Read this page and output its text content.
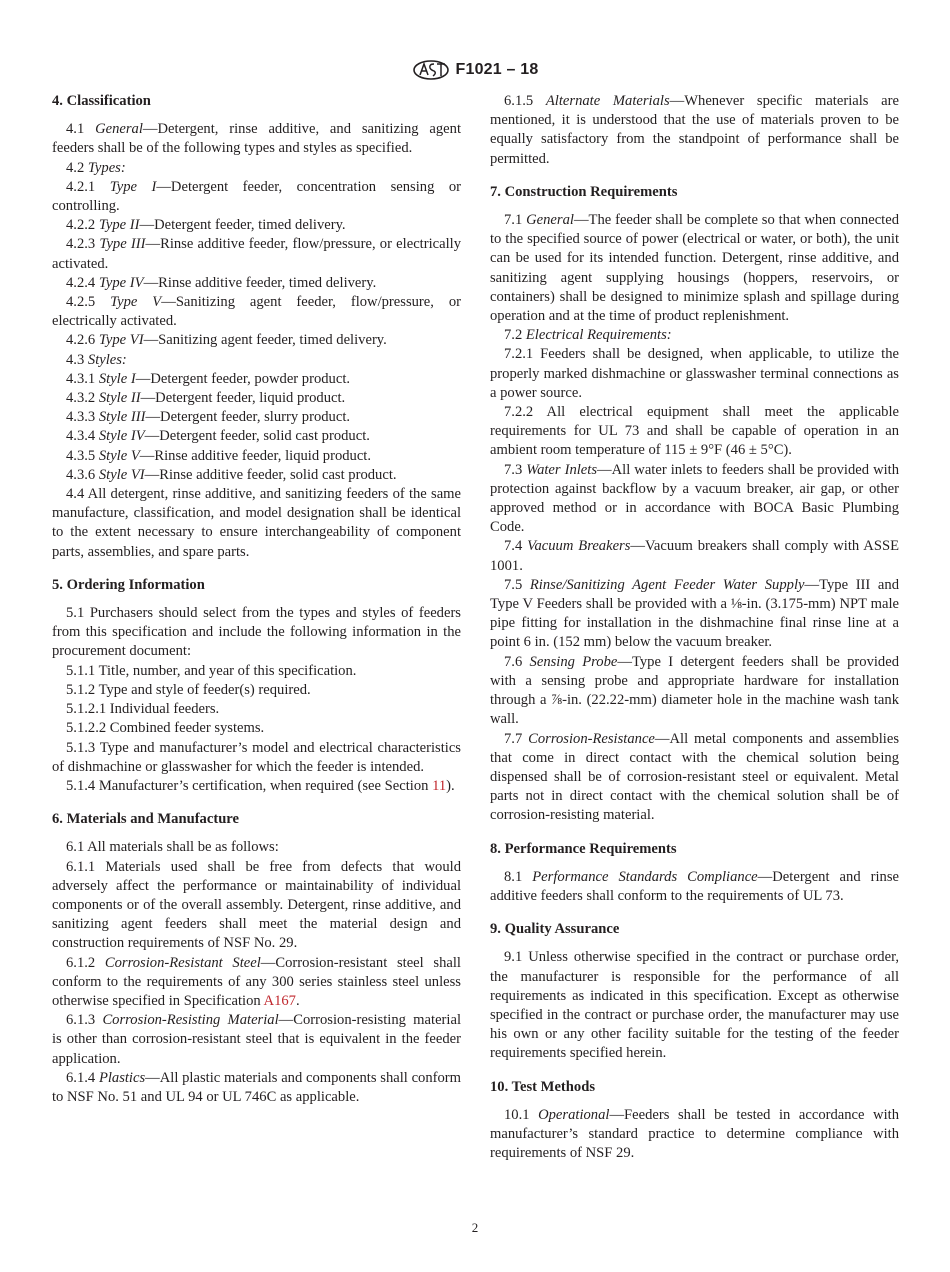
F1021 – 18
4. Classification

4.1 General—Detergent, rinse additive, and sanitizing agent feeders shall be of the following types and styles as specified.

4.2 Types:

4.2.1 Type I—Detergent feeder, concentration sensing or controlling.

4.2.2 Type II—Detergent feeder, timed delivery.

4.2.3 Type III—Rinse additive feeder, flow/pressure, or electrically activated.

4.2.4 Type IV—Rinse additive feeder, timed delivery.

4.2.5 Type V—Sanitizing agent feeder, flow/pressure, or electrically activated.

4.2.6 Type VI—Sanitizing agent feeder, timed delivery.

4.3 Styles:

4.3.1 Style I—Detergent feeder, powder product.

4.3.2 Style II—Detergent feeder, liquid product.

4.3.3 Style III—Detergent feeder, slurry product.

4.3.4 Style IV—Detergent feeder, solid cast product.

4.3.5 Style V—Rinse additive feeder, liquid product.

4.3.6 Style VI—Rinse additive feeder, solid cast product.

4.4 All detergent, rinse additive, and sanitizing feeders of the same manufacture, classification, and model designation shall be identical to the extent necessary to ensure interchangeability of component parts, assemblies, and spare parts.

5. Ordering Information

5.1 Purchasers should select from the types and styles of feeders from this specification and include the following information in the procurement document:

5.1.1 Title, number, and year of this specification.

5.1.2 Type and style of feeder(s) required.

5.1.2.1 Individual feeders.

5.1.2.2 Combined feeder systems.

5.1.3 Type and manufacturer’s model and electrical characteristics of dishmachine or glasswasher for which the feeder is intended.

5.1.4 Manufacturer’s certification, when required (see Section 11).

6. Materials and Manufacture

6.1 All materials shall be as follows:

6.1.1 Materials used shall be free from defects that would adversely affect the performance or maintainability of individual components or of the overall assembly. Detergent, rinse additive, and sanitizing agent feeders shall meet the material design and construction requirements of NSF No. 29.

6.1.2 Corrosion-Resistant Steel—Corrosion-resistant steel shall conform to the requirements of any 300 series stainless steel unless otherwise specified in Specification A167.

6.1.3 Corrosion-Resisting Material—Corrosion-resisting material is other than corrosion-resistant steel that is equivalent in the feeder application.

6.1.4 Plastics—All plastic materials and components shall conform to NSF No. 51 and UL 94 or UL 746C as applicable.

6.1.5 Alternate Materials—Whenever specific materials are mentioned, it is understood that the use of materials proven to be equally satisfactory from the standpoint of performance shall be permitted.

7. Construction Requirements

7.1 General—The feeder shall be complete so that when connected to the specified source of power (electrical or water, or both), the unit can be used for its intended function. Detergent, rinse additive, and sanitizing agent supplying housings (hoppers, reservoirs, or containers) shall be designed to minimize splash and spillage during operation and at the time of product replenishment.

7.2 Electrical Requirements:

7.2.1 Feeders shall be designed, when applicable, to utilize the properly marked dishmachine or glasswasher terminal connections as a power source.

7.2.2 All electrical equipment shall meet the applicable requirements for UL 73 and shall be capable of operation in an ambient room temperature of 115 ± 9°F (46 ± 5°C).

7.3 Water Inlets—All water inlets to feeders shall be provided with protection against backflow by a vacuum breaker, air gap, or other approved method or in accordance with BOCA Basic Plumbing Code.

7.4 Vacuum Breakers—Vacuum breakers shall comply with ASSE 1001.

7.5 Rinse/Sanitizing Agent Feeder Water Supply—Type III and Type V Feeders shall be provided with a ⅛-in. (3.175-mm) NPT male pipe fitting for installation in the dishmachine final rinse line at a point 6 in. (152 mm) below the vacuum breaker.

7.6 Sensing Probe—Type I detergent feeders shall be provided with a sensing probe and appropriate hardware for installation through a ⅞-in. (22.22-mm) diameter hole in the machine wash tank wall.

7.7 Corrosion-Resistance—All metal components and assemblies that come in direct contact with the chemical solution being dispensed shall be of corrosion-resistant steel or equivalent. Metal parts not in direct contact with the chemical solution shall be of corrosion-resisting material.

8. Performance Requirements

8.1 Performance Standards Compliance—Detergent and rinse additive feeders shall conform to the requirements of UL 73.

9. Quality Assurance

9.1 Unless otherwise specified in the contract or purchase order, the manufacturer is responsible for the performance of all requirements as indicated in this specification. Except as otherwise specified in the contract or purchase order, the manufacturer may use his own or any other facility suitable for the testing of the feeder requirements specified herein.

10. Test Methods

10.1 Operational—Feeders shall be tested in accordance with manufacturer’s standard practice to determine compliance with requirements of NSF 29.

2
